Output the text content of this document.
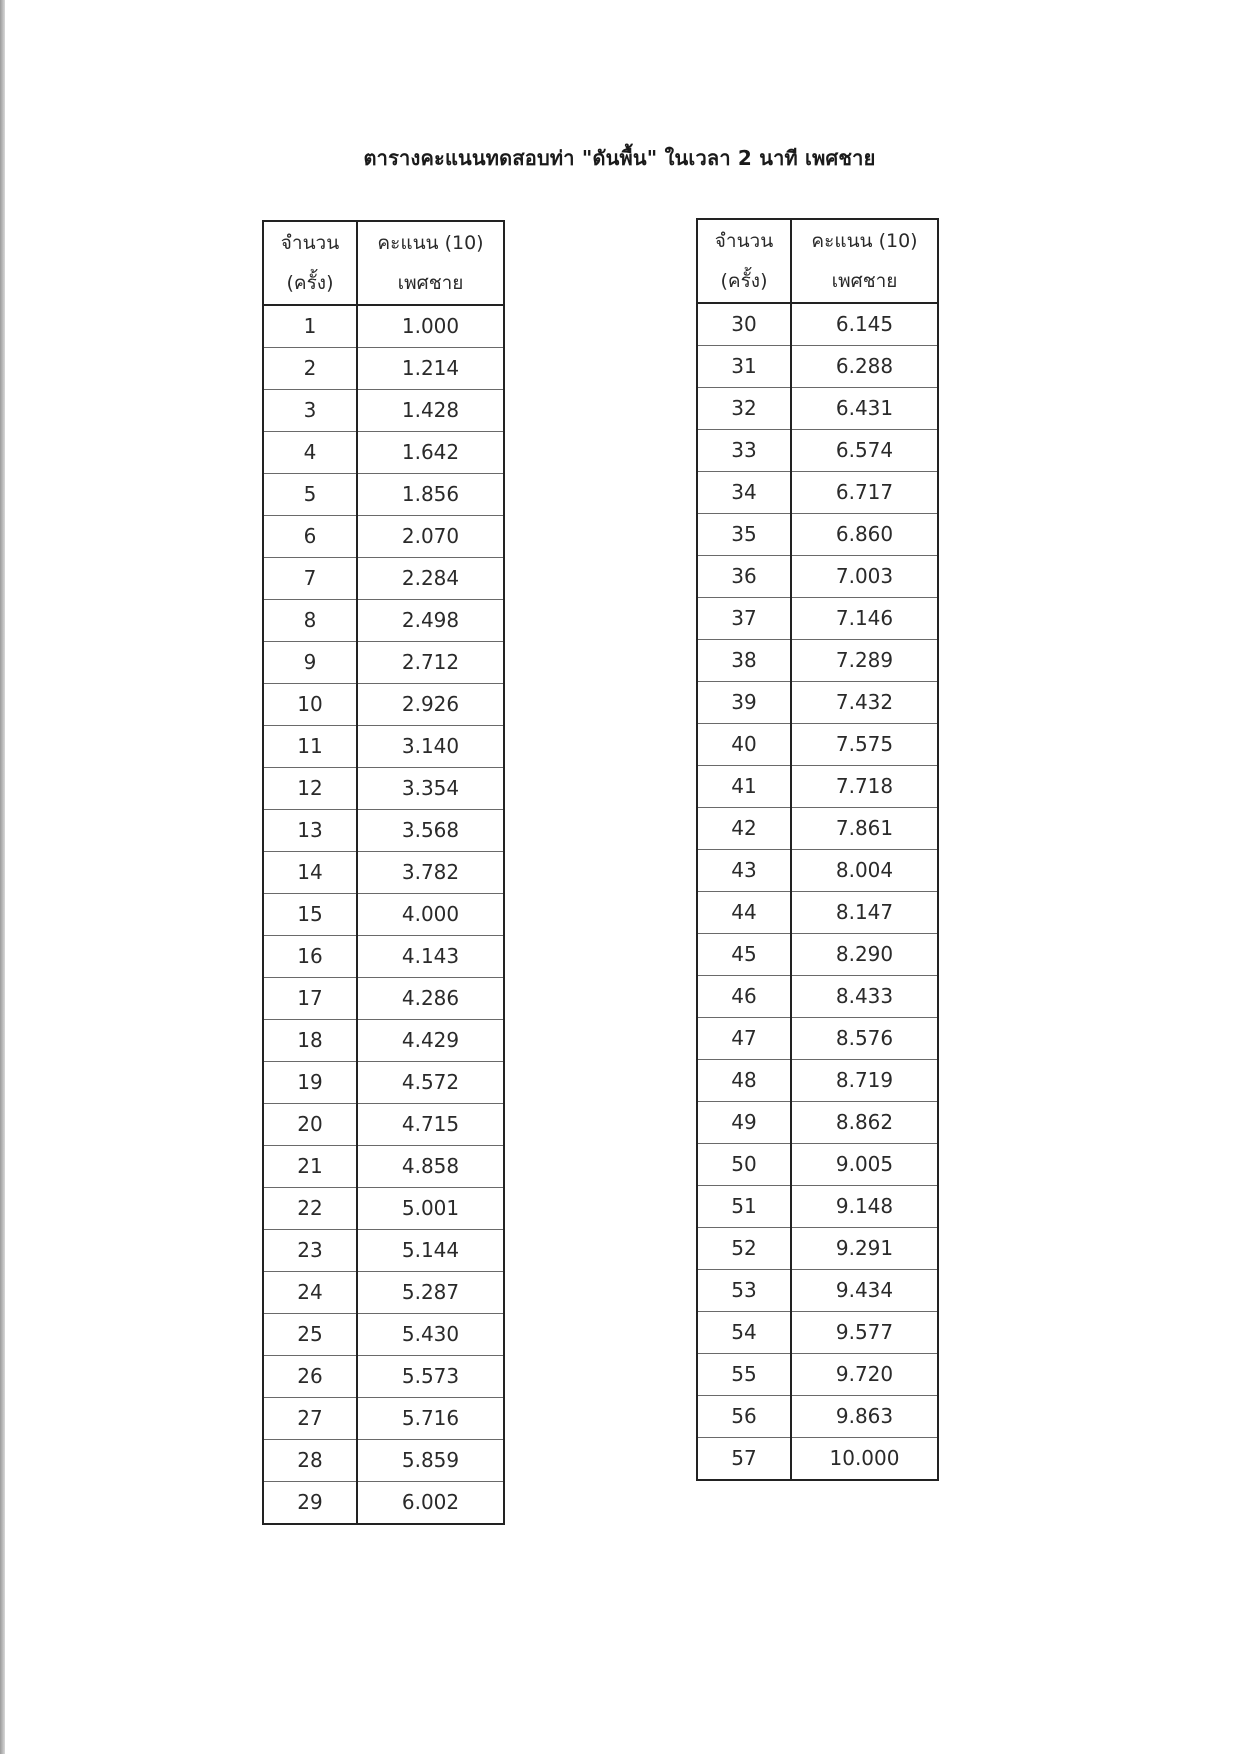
ตารางคะแนนทดสอบท่า "ดันพื้น" ในเวลา 2 นาที เพศชาย
จำนวน
(ครั้ง)	คะแนน (10)
เพศชาย

1	1.000
2	1.214
3	1.428
4	1.642
5	1.856
6	2.070
7	2.284
8	2.498
9	2.712
10	2.926
11	3.140
12	3.354
13	3.568
14	3.782
15	4.000
16	4.143
17	4.286
18	4.429
19	4.572
20	4.715
21	4.858
22	5.001
23	5.144
24	5.287
25	5.430
26	5.573
27	5.716
28	5.859
29	6.002
จำนวน
(ครั้ง)	คะแนน (10)
เพศชาย

30	6.145
31	6.288
32	6.431
33	6.574
34	6.717
35	6.860
36	7.003
37	7.146
38	7.289
39	7.432
40	7.575
41	7.718
42	7.861
43	8.004
44	8.147
45	8.290
46	8.433
47	8.576
48	8.719
49	8.862
50	9.005
51	9.148
52	9.291
53	9.434
54	9.577
55	9.720
56	9.863
57	10.000
